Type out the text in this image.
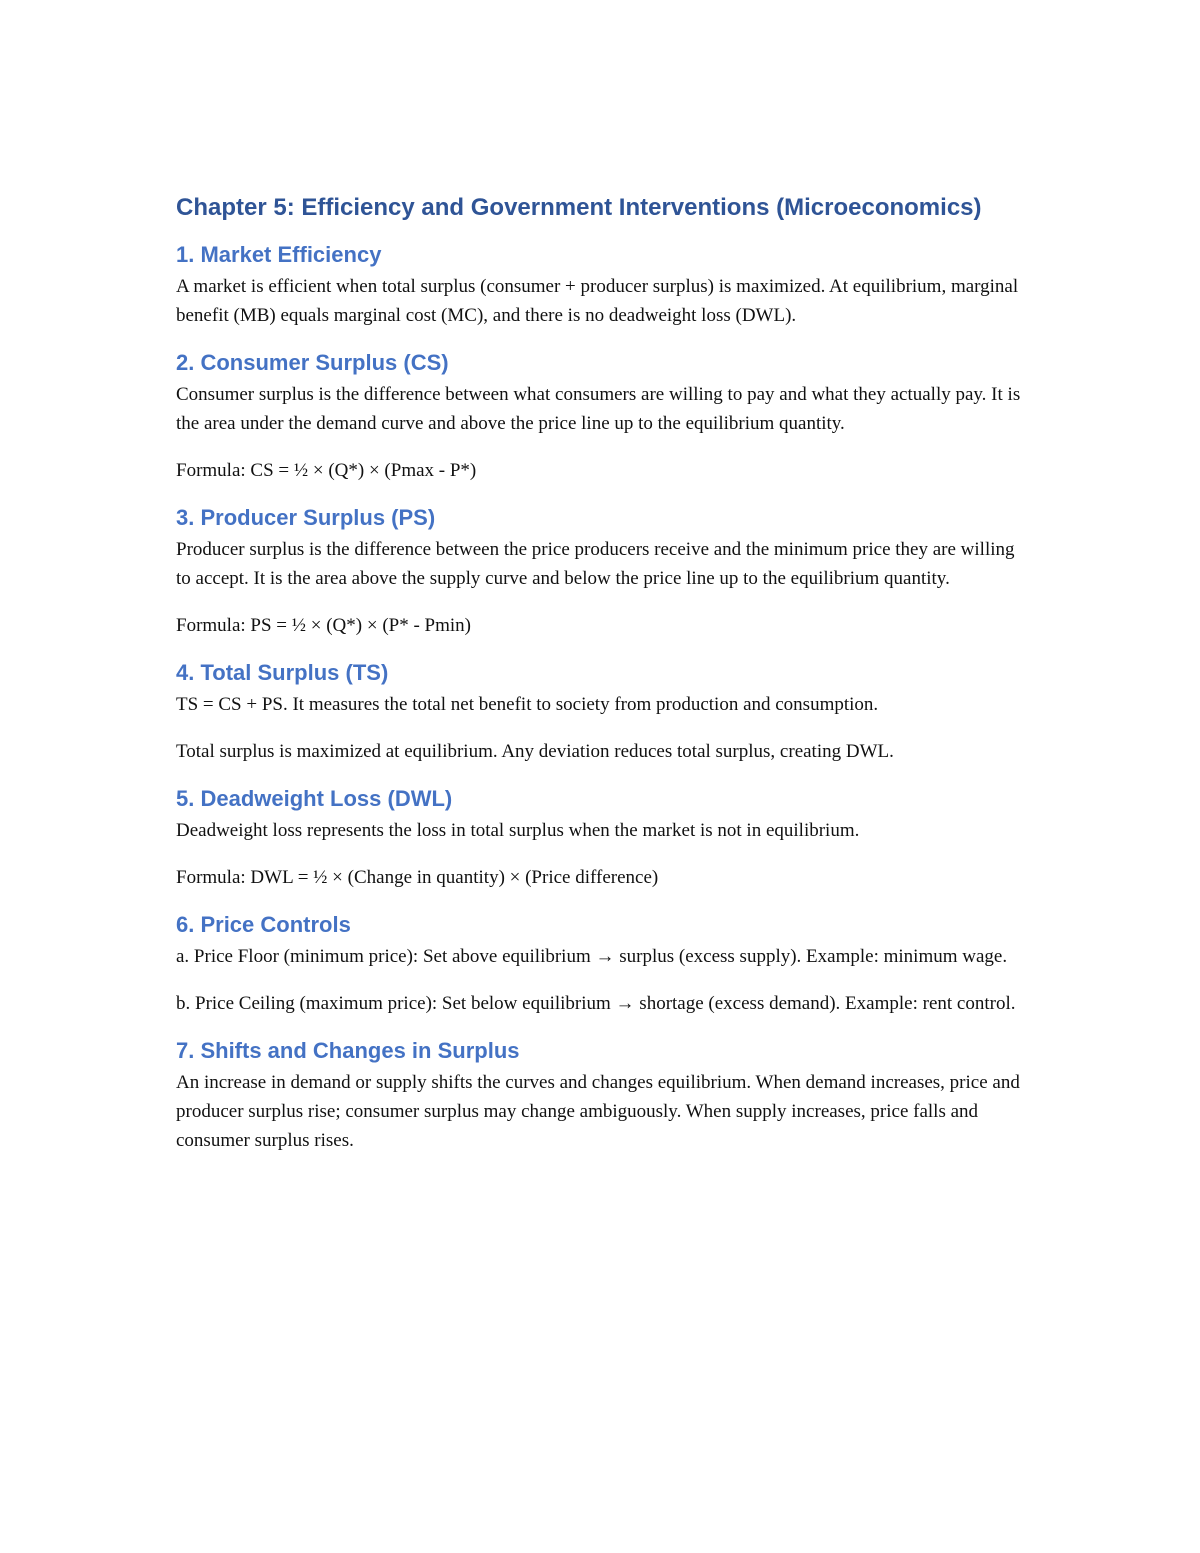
Chapter 5: Efficiency and Government Interventions (Microeconomics)
1. Market Efficiency

A market is efficient when total surplus (consumer + producer surplus) is maximized. At equilibrium, marginal benefit (MB) equals marginal cost (MC), and there is no deadweight loss (DWL).

2. Consumer Surplus (CS)

Consumer surplus is the difference between what consumers are willing to pay and what they actually pay. It is the area under the demand curve and above the price line up to the equilibrium quantity.

Formula: CS = ½ × (Q*) × (Pmax - P*)

3. Producer Surplus (PS)

Producer surplus is the difference between the price producers receive and the minimum price they are willing to accept. It is the area above the supply curve and below the price line up to the equilibrium quantity.

Formula: PS = ½ × (Q*) × (P* - Pmin)

4. Total Surplus (TS)

TS = CS + PS. It measures the total net benefit to society from production and consumption.

Total surplus is maximized at equilibrium. Any deviation reduces total surplus, creating DWL.

5. Deadweight Loss (DWL)

Deadweight loss represents the loss in total surplus when the market is not in equilibrium.

Formula: DWL = ½ × (Change in quantity) × (Price difference)

6. Price Controls

a. Price Floor (minimum price): Set above equilibrium → surplus (excess supply). Example: minimum wage.

b. Price Ceiling (maximum price): Set below equilibrium → shortage (excess demand). Example: rent control.

7. Shifts and Changes in Surplus

An increase in demand or supply shifts the curves and changes equilibrium. When demand increases, price and producer surplus rise; consumer surplus may change ambiguously. When supply increases, price falls and consumer surplus rises.
